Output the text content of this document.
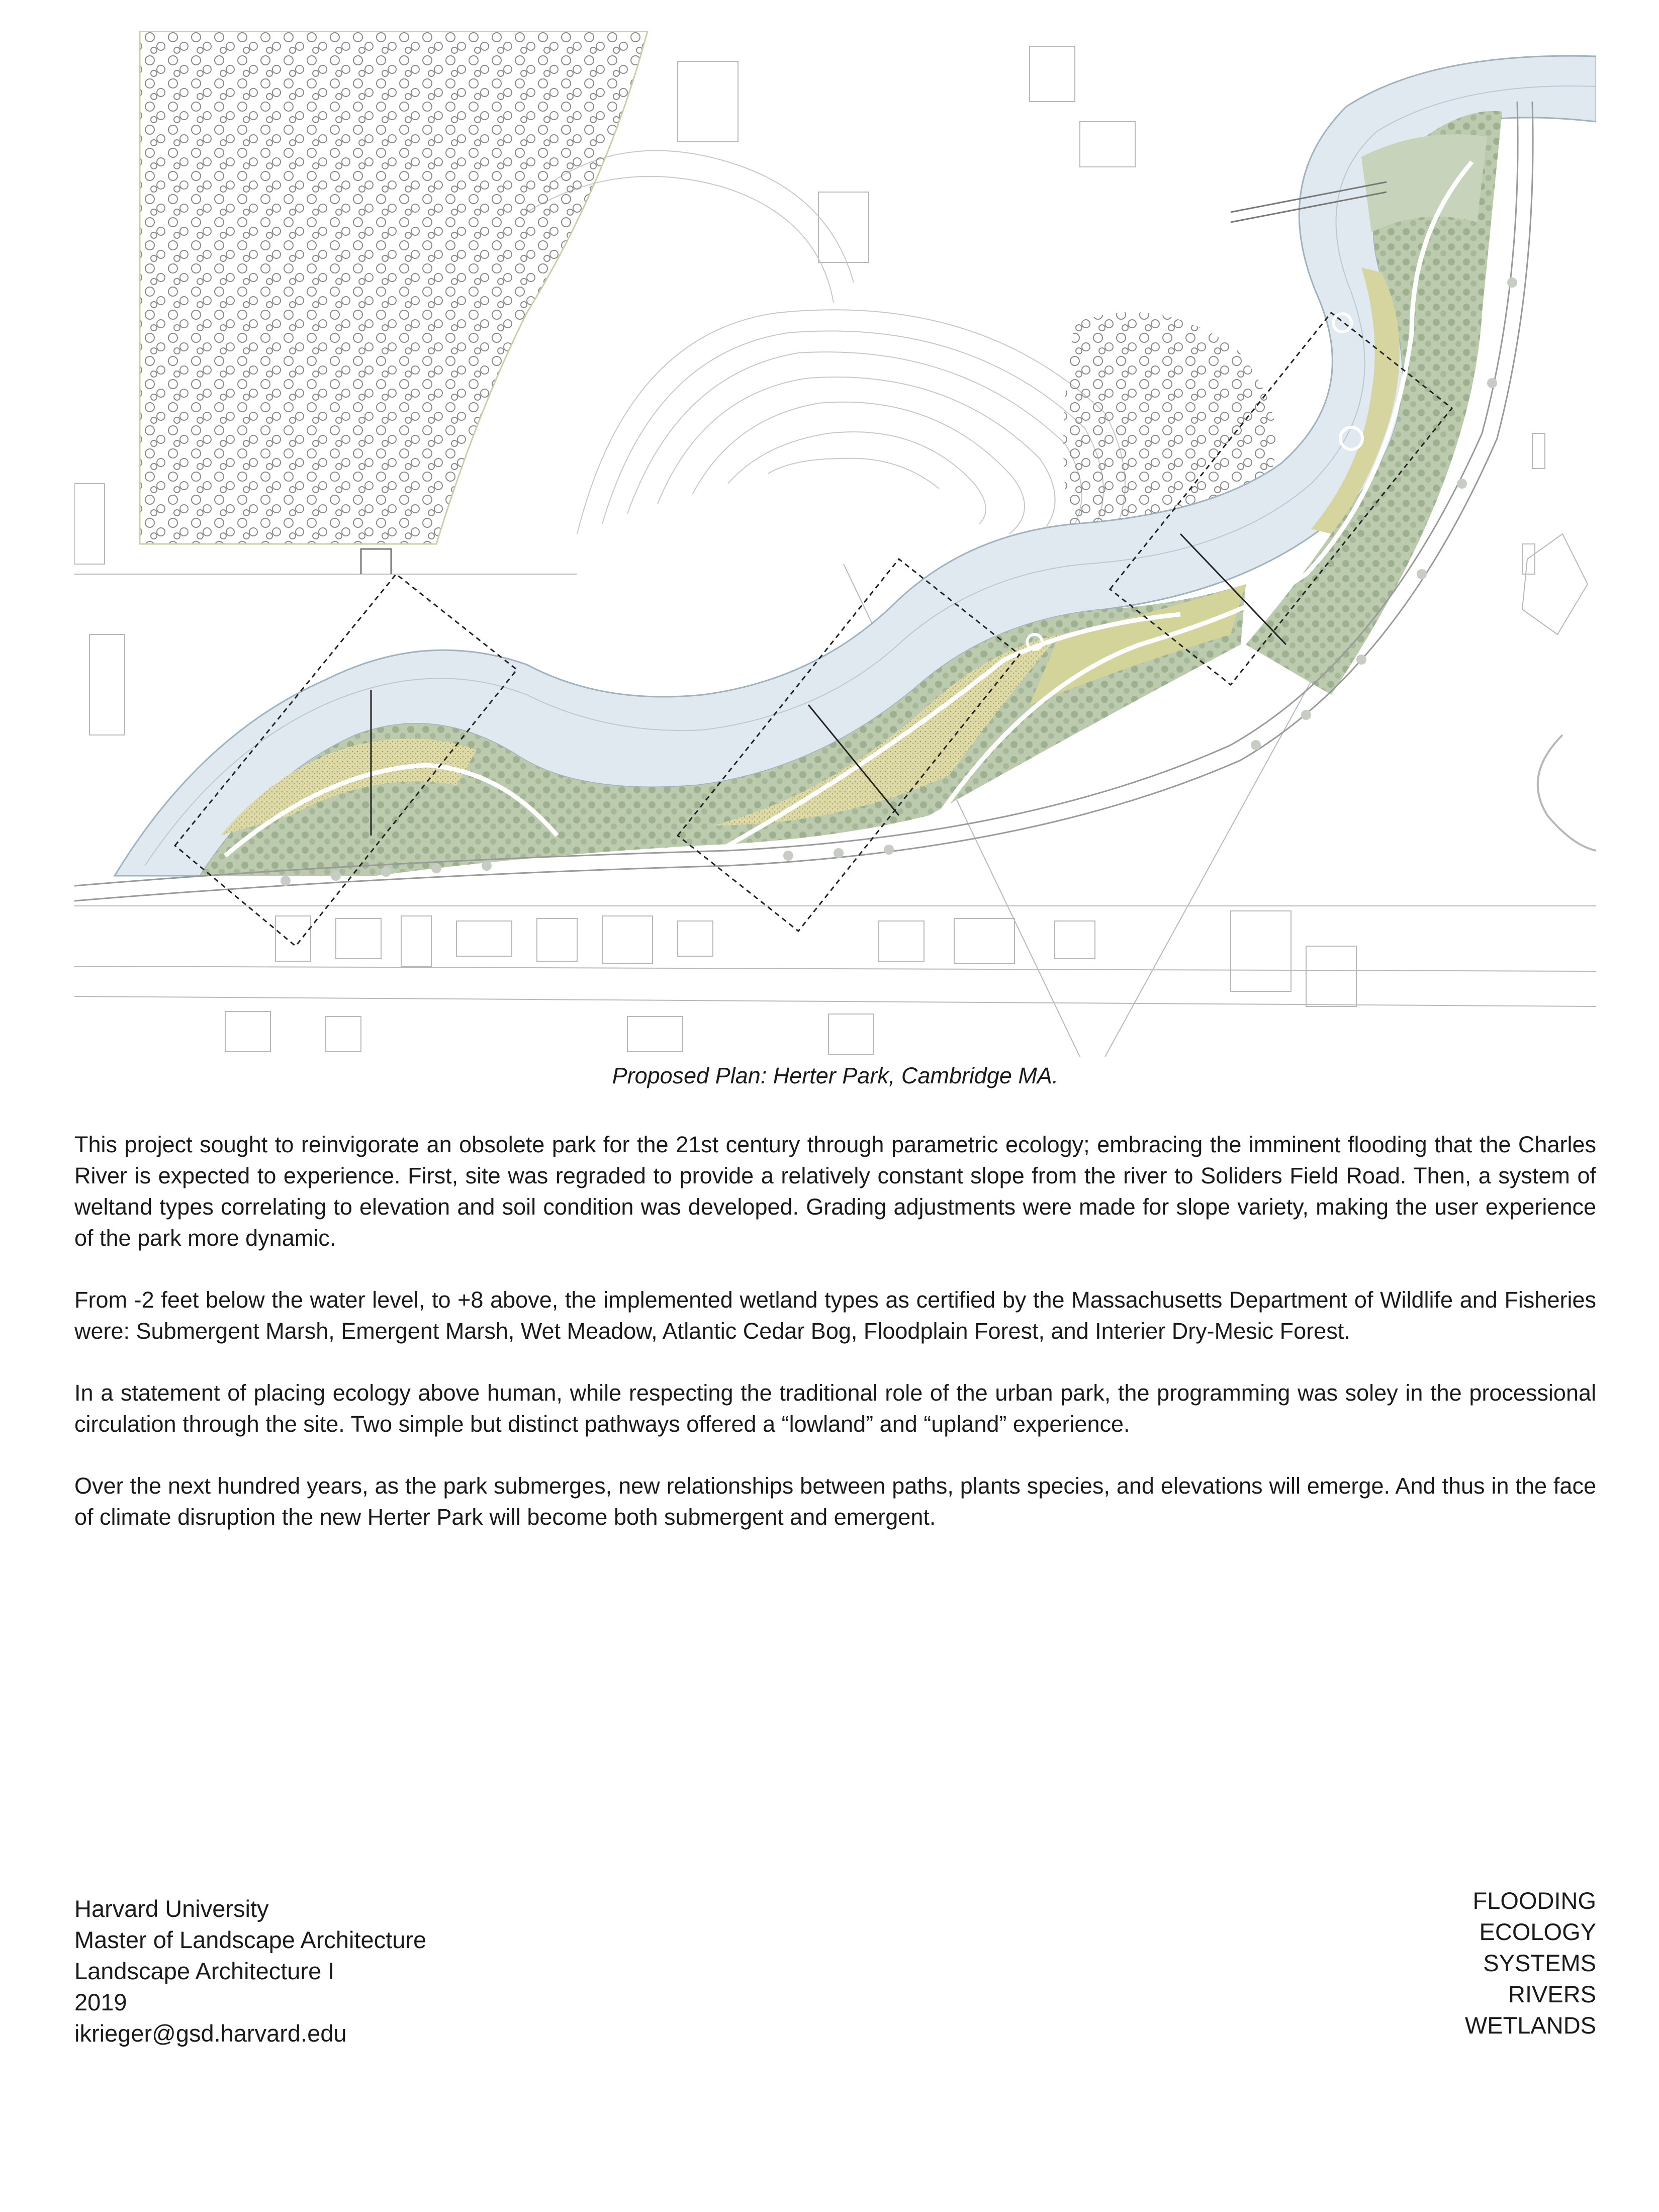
Proposed Plan: Herter Park, Cambridge MA.

This project sought to reinvigorate an obsolete park for the 21st century through parametric ecology; embracing the imminent flooding that the Charles River is expected to experience. First, site was regraded to provide a relatively constant slope from the river to Soliders Field Road. Then, a system of weltand types correlating to elevation and soil condition was developed. Grading adjustments were made for slope variety, making the user experience of the park more dynamic.

From -2 feet below the water level, to +8 above, the implemented wetland types as certified by the Massachusetts Department of Wildlife and Fisheries were: Submergent Marsh, Emergent Marsh, Wet Meadow, Atlantic Cedar Bog, Floodplain Forest, and Interier Dry-Mesic Forest.

In a statement of placing ecology above human, while respecting the traditional role of the urban park, the programming was soley in the processional circulation through the site. Two simple but distinct pathways offered a “lowland” and “upland” experience.

Over the next hundred years, as the park submerges, new relationships between paths, plants species, and elevations will emerge. And thus in the face of climate disruption the new Herter Park will become both submergent and emergent.

Harvard University
Master of Landscape Architecture
Landscape Architecture I
2019
ikrieger@gsd.harvard.edu
FLOODING
ECOLOGY
SYSTEMS
RIVERS
WETLANDS
